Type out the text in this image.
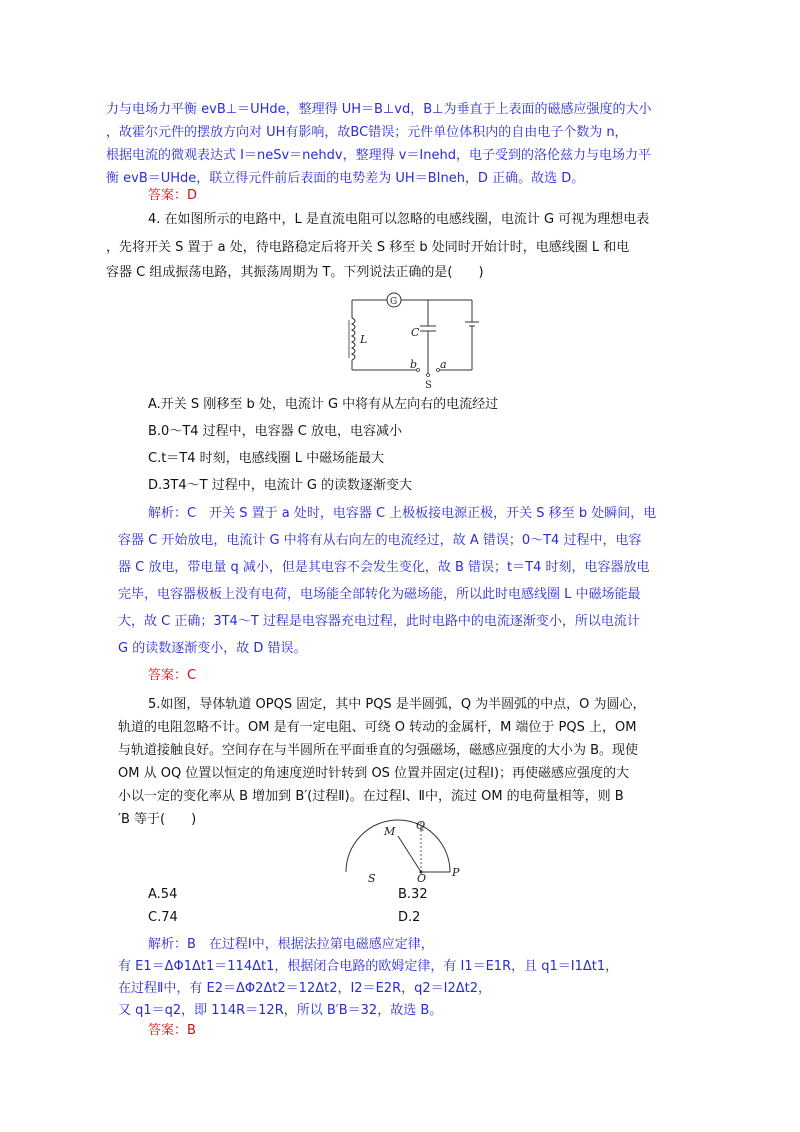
力与电场力平衡 evB⊥＝UHde，整理得 UH＝B⊥vd，B⊥为垂直于上表面的磁感应强度的大小
，故霍尔元件的摆放方向对 UH有影响，故BC错误；元件单位体积内的自由电子个数为 n，
根据电流的微观表达式 I＝neSv＝nehdv，整理得 v＝Inehd，电子受到的洛伦兹力与电场力平
衡 evB＝UHde，联立得元件前后表面的电势差为 UH＝BIneh，D 正确。故选 D。
答案：D
4. 在如图所示的电路中，L 是直流电阻可以忽略的电感线圈，电流计 G 可视为理想电表
，先将开关 S 置于 a 处，待电路稳定后将开关 S 移至 b 处同时开始计时，电感线圈 L 和电
容器 C 组成振荡电路，其振荡周期为 T。下列说法正确的是(　　)
G
L
C
b a
S
A.开关 S 刚移至 b 处，电流计 G 中将有从左向右的电流经过
B.0～T4 过程中，电容器 C 放电，电容减小
C.t＝T4 时刻，电感线圈 L 中磁场能最大
D.3T4～T 过程中，电流计 G 的读数逐渐变大
解析：C　开关 S 置于 a 处时，电容器 C 上极板接电源正极，开关 S 移至 b 处瞬间，电
容器 C 开始放电，电流计 G 中将有从右向左的电流经过，故 A 错误；0～T4 过程中，电容
器 C 放电，带电量 q 减小，但是其电容不会发生变化，故 B 错误；t＝T4 时刻，电容器放电
完毕，电容器极板上没有电荷，电场能全部转化为磁场能，所以此时电感线圈 L 中磁场能最
大，故 C 正确；3T4～T 过程是电容器充电过程，此时电路中的电流逐渐变小，所以电流计
G 的读数逐渐变小，故 D 错误。
答案：C
5.如图，导体轨道 OPQS 固定，其中 PQS 是半圆弧，Q 为半圆弧的中点，O 为圆心，
轨道的电阻忽略不计。OM 是有一定电阻、可绕 O 转动的金属杆，M 端位于 PQS 上，OM
与轨道接触良好。空间存在与半圆所在平面垂直的匀强磁场，磁感应强度的大小为 B。现使
OM 从 OQ 位置以恒定的角速度逆时针转到 OS 位置并固定(过程Ⅰ)；再使磁感应强度的大
小以一定的变化率从 B 增加到 B′(过程Ⅱ)。在过程Ⅰ、Ⅱ中，流过 OM 的电荷量相等，则 B
′B 等于(　　)
M Q
S	O P
A.54	B.32
C.74	D.2
解析：B　在过程Ⅰ中，根据法拉第电磁感应定律，
有 E1＝ΔΦ1Δt1＝114Δt1，根据闭合电路的欧姆定律，有 I1＝E1R，且 q1＝I1Δt1，
在过程Ⅱ中，有 E2＝ΔΦ2Δt2＝12Δt2，I2＝E2R，q2＝I2Δt2，
又 q1＝q2，即 114R＝12R，所以 B′B＝32，故选 B。
答案：B
